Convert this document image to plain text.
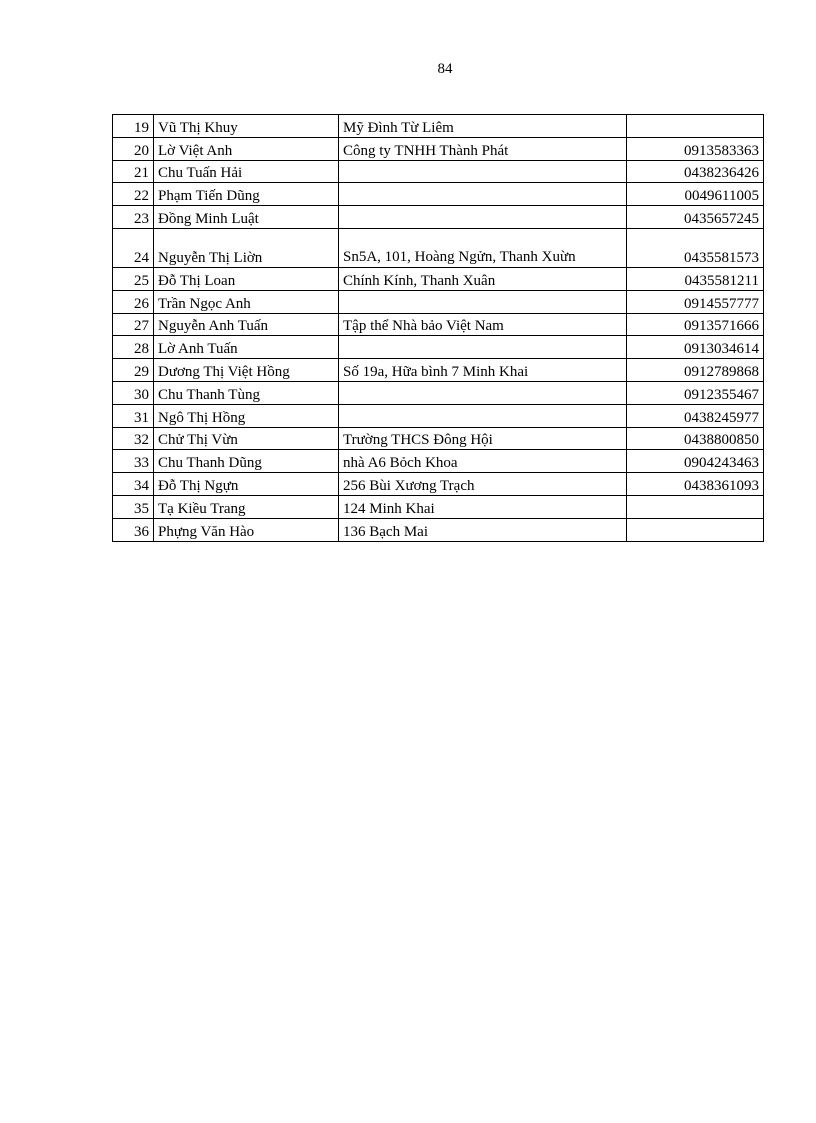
84
19	Vũ Thị Khuy	Mỹ Đình Từ Liêm	
20	Lờ Việt Anh	Công ty TNHH Thành Phát	0913583363
21	Chu Tuấn Hải		0438236426
22	Phạm Tiến Dũng		0049611005
23	Đồng Minh Luật		0435657245
24	Nguyễn Thị Liờn	Sn5A, 101, Hoàng Ngửn, Thanh Xuừn	0435581573
25	Đỗ Thị Loan	Chính Kính, Thanh Xuân	0435581211
26	Trần Ngọc Anh		0914557777
27	Nguyễn Anh Tuấn	Tập thể Nhà bảo Việt Nam	0913571666
28	Lờ Anh Tuấn		0913034614
29	Dương Thị Việt Hồng	Số 19a, Hữa bình 7 Minh Khai	0912789868
30	Chu Thanh Tùng		0912355467
31	Ngô Thị Hồng		0438245977
32	Chử Thị Vừn	Trường THCS Đông Hội	0438800850
33	Chu Thanh Dũng	nhà A6 Bỏch Khoa	0904243463
34	Đỗ Thị Ngựn	256 Bùi Xương Trạch	0438361093
35	Tạ Kiều Trang	124 Minh Khai	
36	Phựng Văn Hào	136 Bạch Mai	
